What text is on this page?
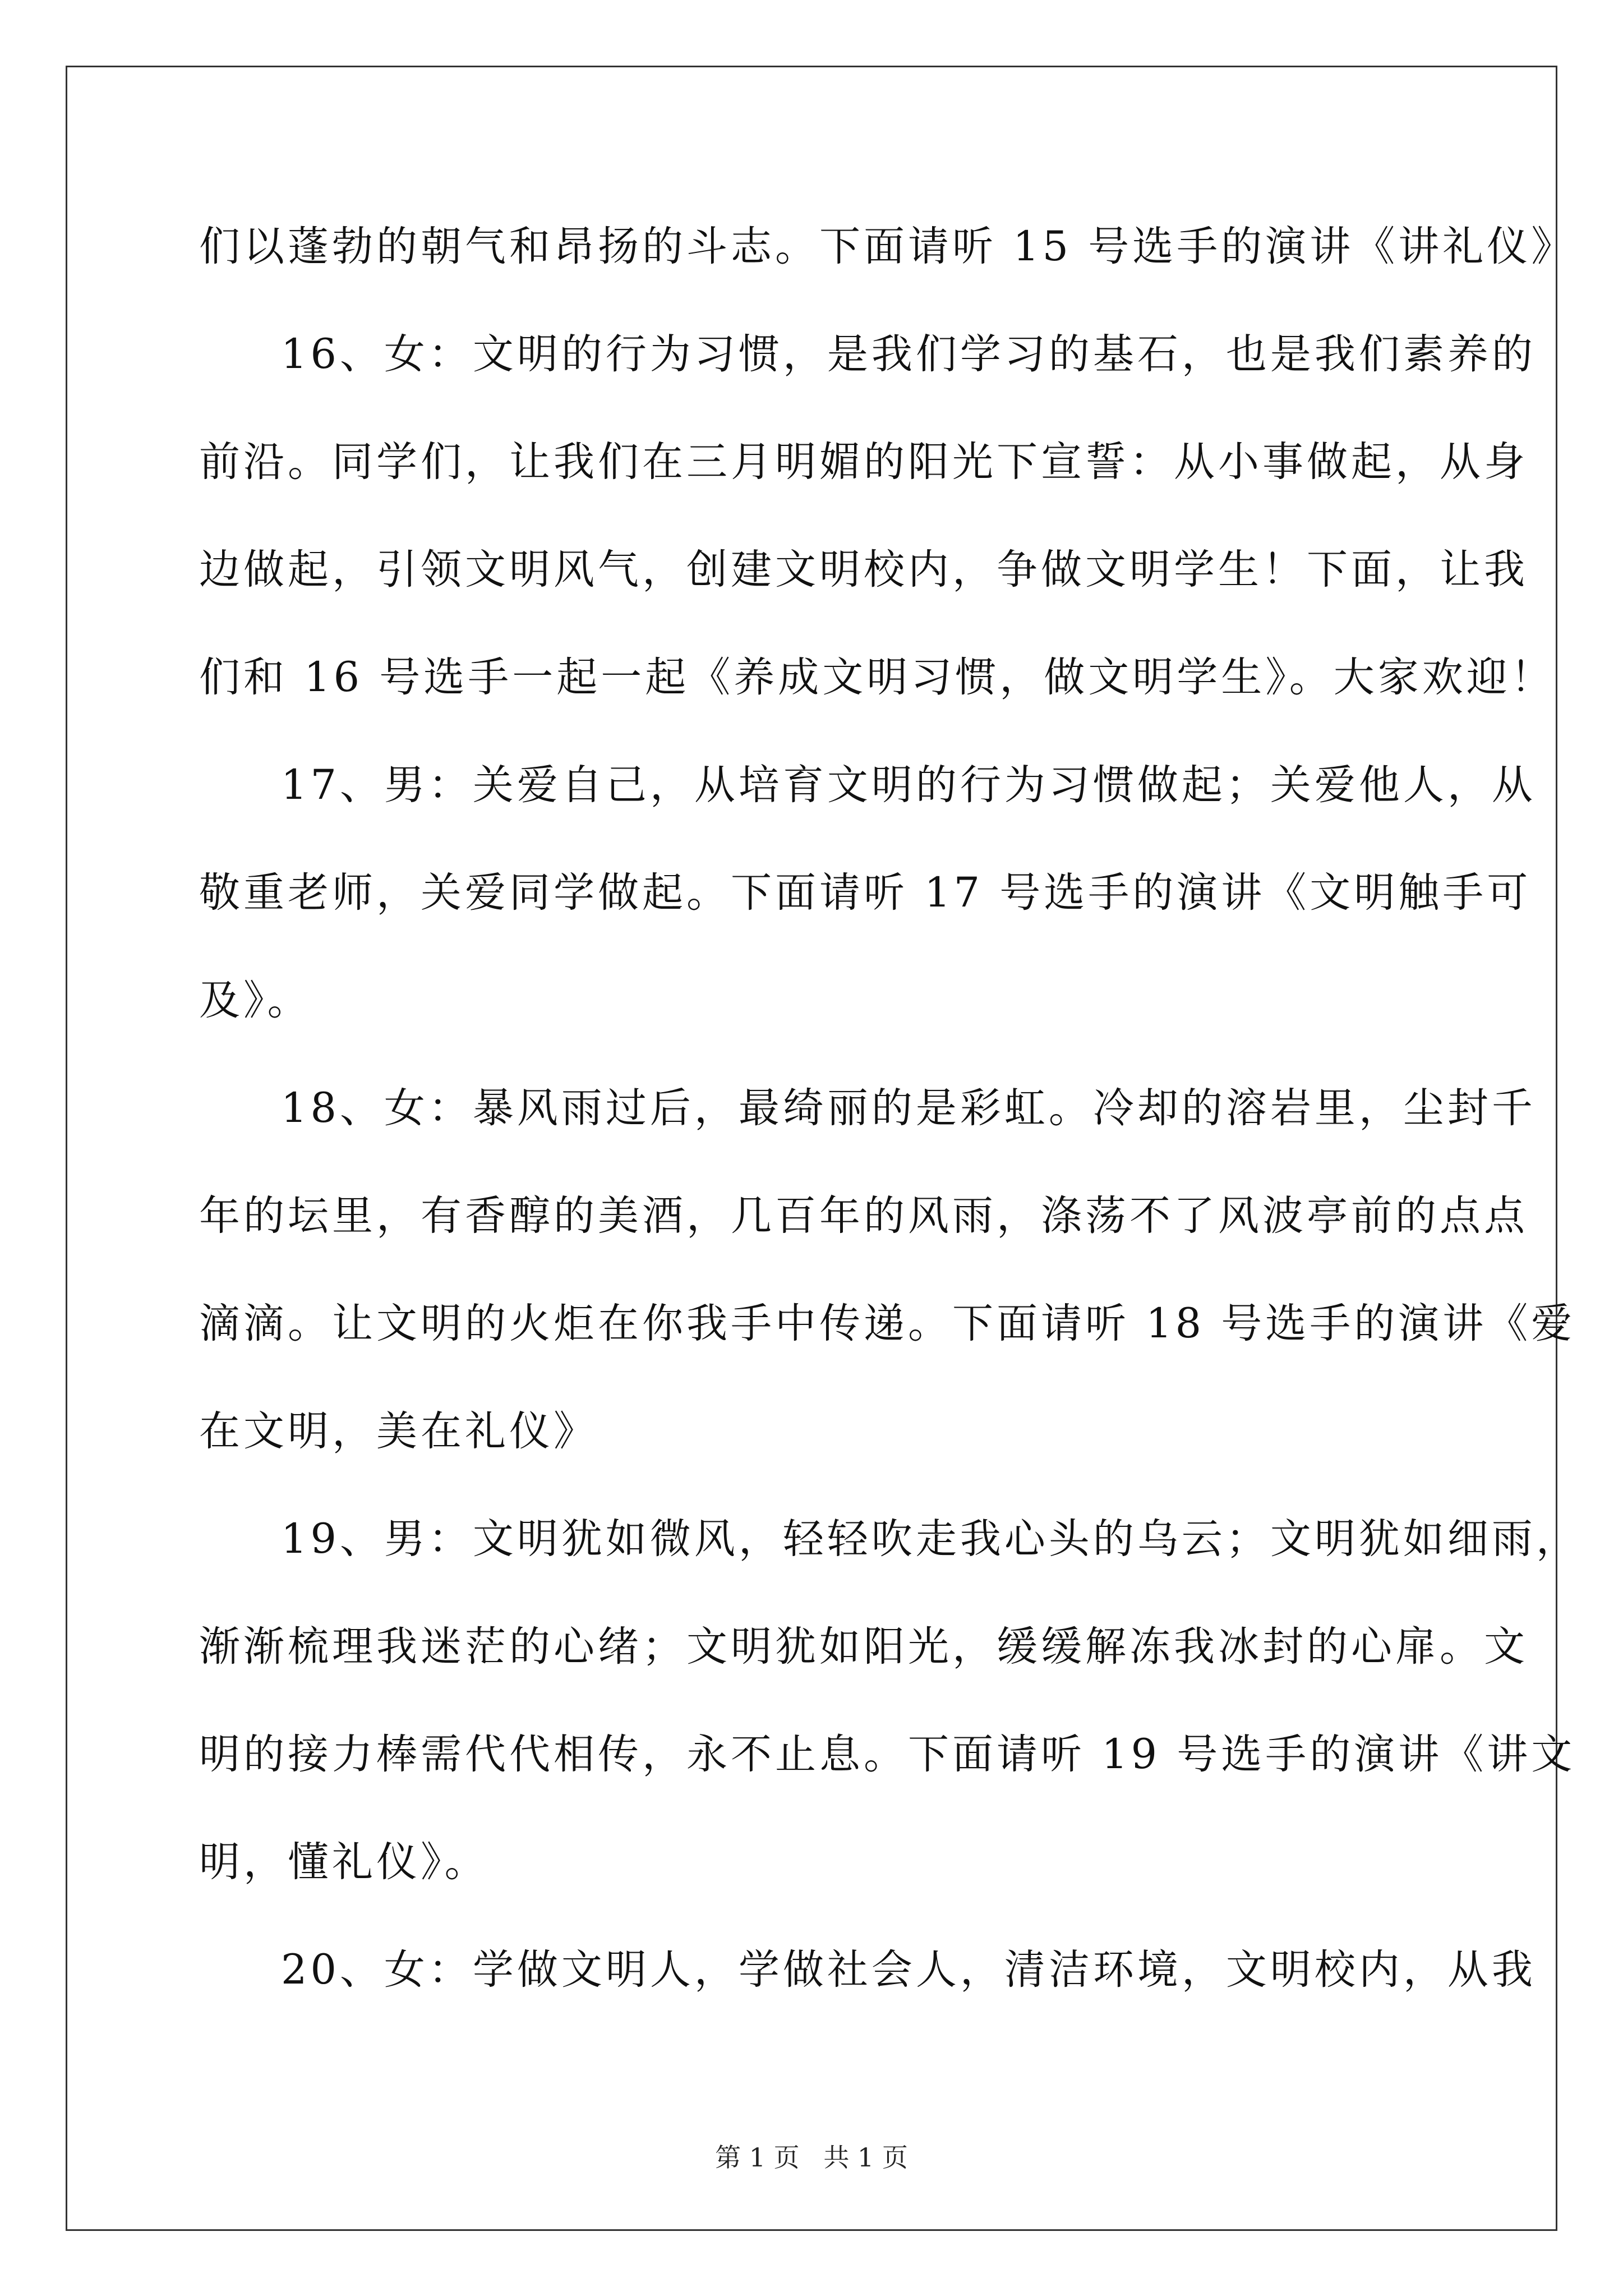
们以蓬勃的朝气和昂扬的斗志。下面请听 15 号选手的演讲《讲礼仪》
16、女：文明的行为习惯，是我们学习的基石，也是我们素养的
前沿。同学们，让我们在三月明媚的阳光下宣誓：从小事做起，从身
边做起，引领文明风气，创建文明校内，争做文明学生！下面，让我
们和 16 号选手一起一起《养成文明习惯，做文明学生》。大家欢迎！
17、男：关爱自己，从培育文明的行为习惯做起；关爱他人，从
敬重老师，关爱同学做起。下面请听 17 号选手的演讲《文明触手可
及》。
18、女：暴风雨过后，最绮丽的是彩虹。冷却的溶岩里，尘封千
年的坛里，有香醇的美酒，几百年的风雨，涤荡不了风波亭前的点点
滴滴。让文明的火炬在你我手中传递。下面请听 18 号选手的演讲《爱
在文明，美在礼仪》
19、男：文明犹如微风，轻轻吹走我心头的乌云；文明犹如细雨，
渐渐梳理我迷茫的心绪；文明犹如阳光，缓缓解冻我冰封的心扉。文
明的接力棒需代代相传，永不止息。下面请听 19 号选手的演讲《讲文
明，懂礼仪》。
20、女：学做文明人，学做社会人，清洁环境，文明校内，从我
第 1 页 共 1 页
